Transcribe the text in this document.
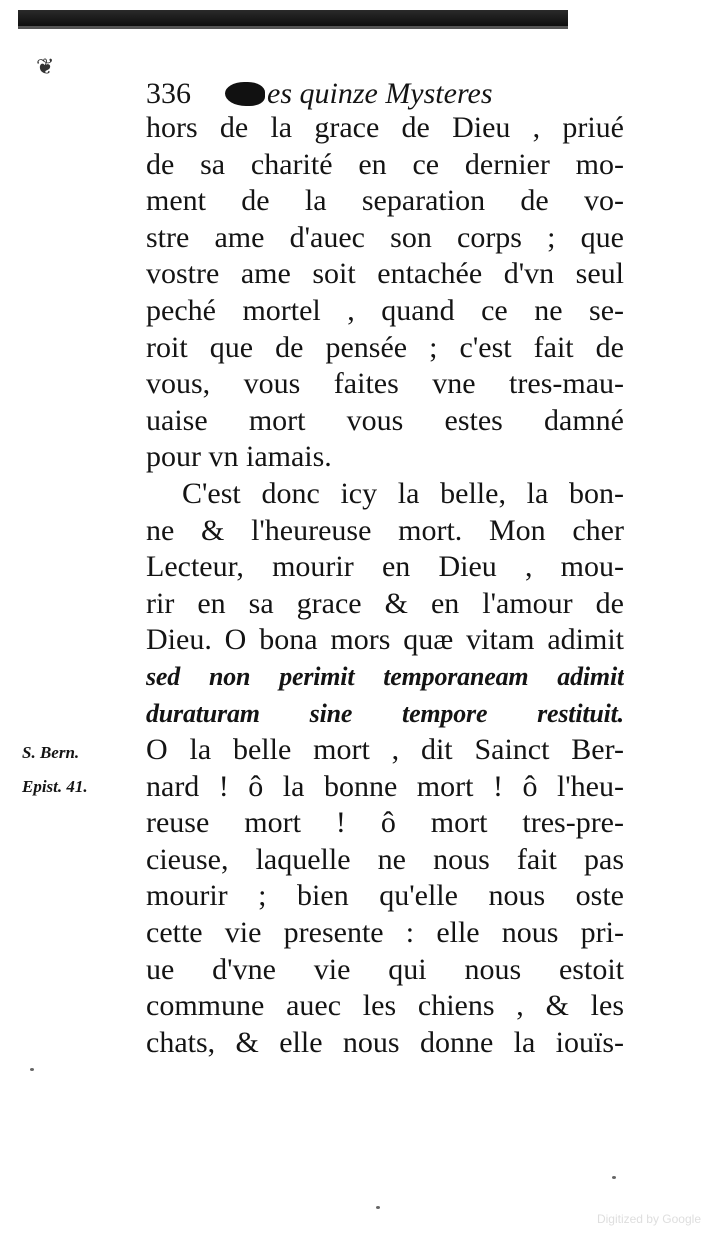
❦
336	es quinze Mysteres
S. Bern.
Epist. 41.
hors de la grace de Dieu , priué
de sa charité en ce dernier mo-
ment de la separation de vo-
stre ame d'auec son corps ; que
vostre ame soit entachée d'vn seul
peché mortel , quand ce ne se-
roit que de pensée ; c'est fait de
vous, vous faites vne tres-mau-
uaise mort vous estes damné
pour vn iamais.
C'est donc icy la belle, la bon-
ne & l'heureuse mort. Mon cher
Lecteur, mourir en Dieu , mou-
rir en sa grace & en l'amour de
Dieu. O bona mors quæ vitam adimit
sed non perimit temporaneam adimit
duraturam sine tempore restituit.
O la belle mort , dit Sainct Ber-
nard ! ô la bonne mort ! ô l'heu-
reuse mort ! ô mort tres-pre-
cieuse, laquelle ne nous fait pas
mourir ; bien qu'elle nous oste
cette vie presente : elle nous pri-
ue d'vne vie qui nous estoit
commune auec les chiens , & les
chats, & elle nous donne la iouïs-
Digitized by Google
